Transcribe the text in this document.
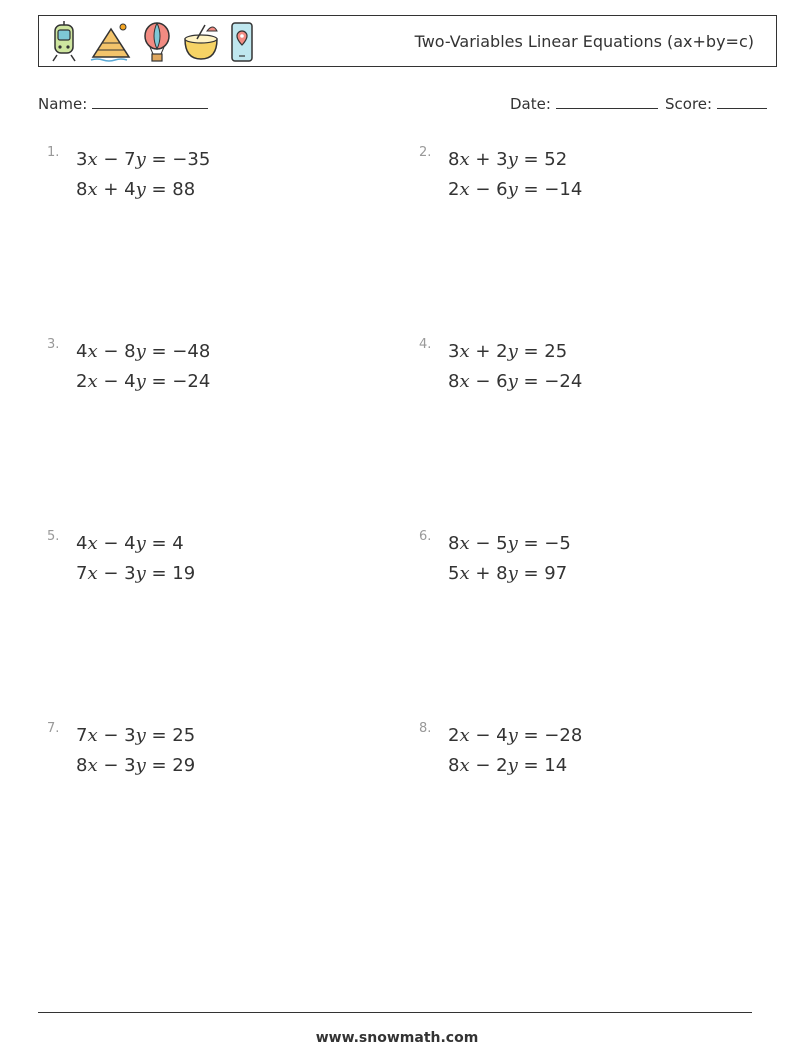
Two-Variables Linear Equations (ax+by=c)
Name:	Date:	Score:
1. 3x − 7y = −35
8x + 4y = 88
2. 8x + 3y = 52
2x − 6y = −14
3. 4x − 8y = −48
2x − 4y = −24
4. 3x + 2y = 25
8x − 6y = −24
5. 4x − 4y = 4
7x − 3y = 19
6. 8x − 5y = −5
5x + 8y = 97
7. 7x − 3y = 25
8x − 3y = 29
8. 2x − 4y = −28
8x − 2y = 14
www.snowmath.com
